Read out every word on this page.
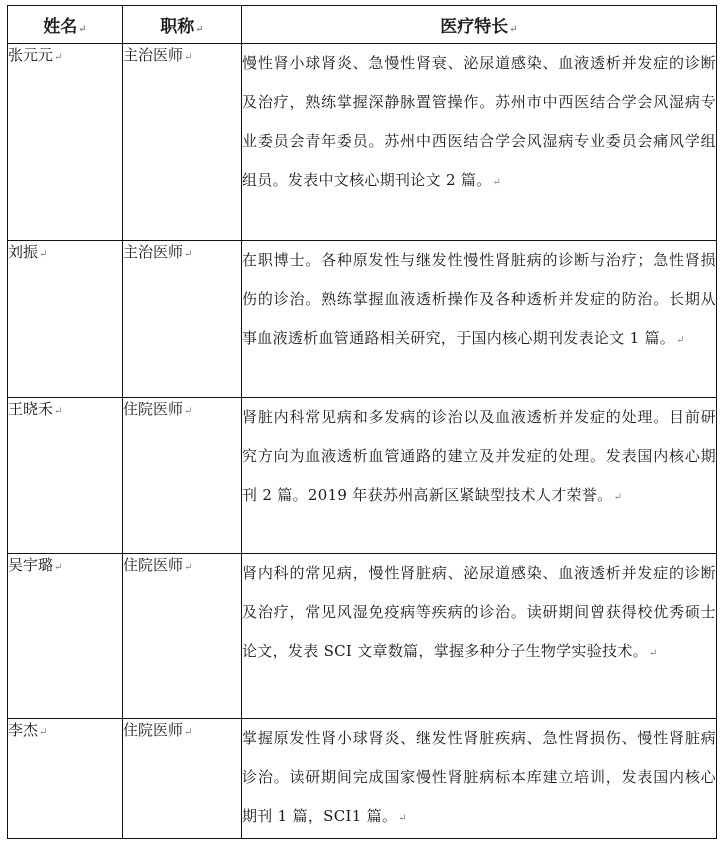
姓名↵	职称↵	医疗特长↵
张元元↵	主治医师↵	慢性肾小球肾炎、急慢性肾衰、泌尿道感染、血液透析并发症的诊断及治疗，熟练掌握深静脉置管操作。苏州市中西医结合学会风湿病专业委员会青年委员。苏州中西医结合学会风湿病专业委员会痛风学组组员。发表中文核心期刊论文 2 篇。↵
刘振↵	主治医师↵	在职博士。各种原发性与继发性慢性肾脏病的诊断与治疗；急性肾损伤的诊治。熟练掌握血液透析操作及各种透析并发症的防治。长期从事血液透析血管通路相关研究，于国内核心期刊发表论文 1 篇。↵
王晓禾↵	住院医师↵	肾脏内科常见病和多发病的诊治以及血液透析并发症的处理。目前研究方向为血液透析血管通路的建立及并发症的处理。发表国内核心期刊 2 篇。2019 年获苏州高新区紧缺型技术人才荣誉。↵
吴宇璐↵	住院医师↵	肾内科的常见病，慢性肾脏病、泌尿道感染、血液透析并发症的诊断及治疗，常见风湿免疫病等疾病的诊治。读研期间曾获得校优秀硕士论文，发表 SCI 文章数篇，掌握多种分子生物学实验技术。↵
李杰↵	住院医师↵	掌握原发性肾小球肾炎、继发性肾脏疾病、急性肾损伤、慢性肾脏病诊治。读研期间完成国家慢性肾脏病标本库建立培训，发表国内核心期刊 1 篇，SCI1 篇。↵
